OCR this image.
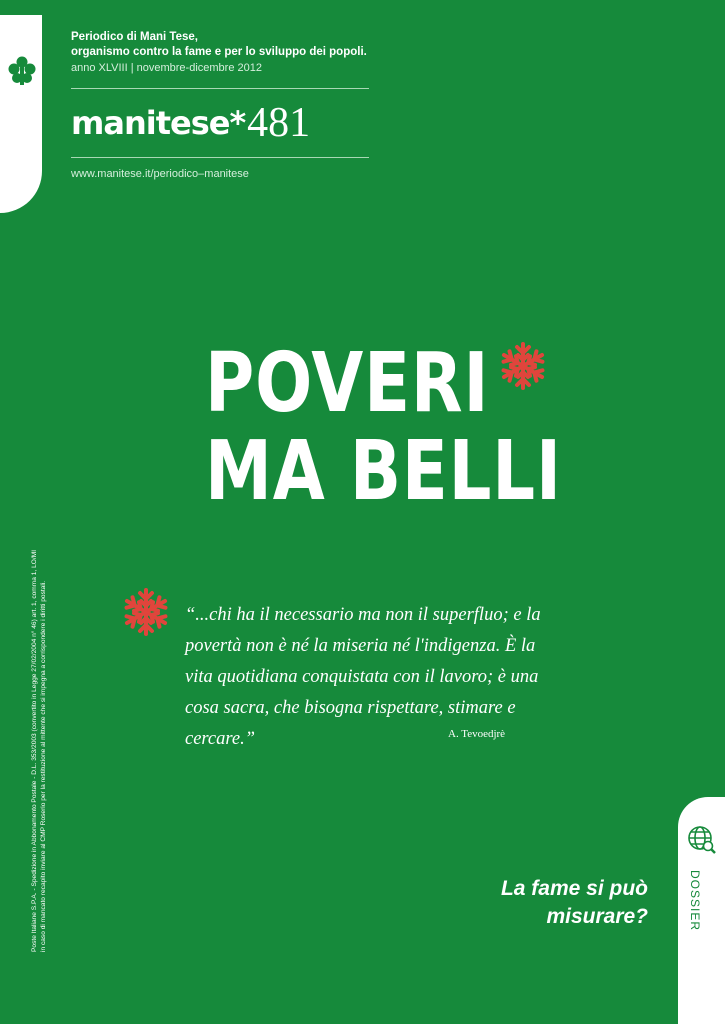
Periodico di Mani Tese,
organismo contro la fame e per lo sviluppo dei popoli.
anno XLVIII | novembre-dicembre 2012
manitese* 481
www.manitese.it/periodico–manitese
POVERI
MA BELLI
“...chi ha il necessario ma non il superfluo; e la povertà non è né la miseria né l'indigenza. È la vita quotidiana conquistata con il lavoro; è una cosa sacra, che bisogna rispettare, stimare e cercare.”	A. Tevoedjrè
Poste Italiane S.P.A. - Spedizione in Abbonamento Postale - D.L. 353/2003 (convertito in Legge 27/02/2004 n° 46) art. 1, comma 1, LO/MI in caso di mancato recapito inviare al CMP Roserio per la restituzione al mittente che si impegna a corrispondere i diritti postali.	DOSSIER
La fame si può
misurare?
